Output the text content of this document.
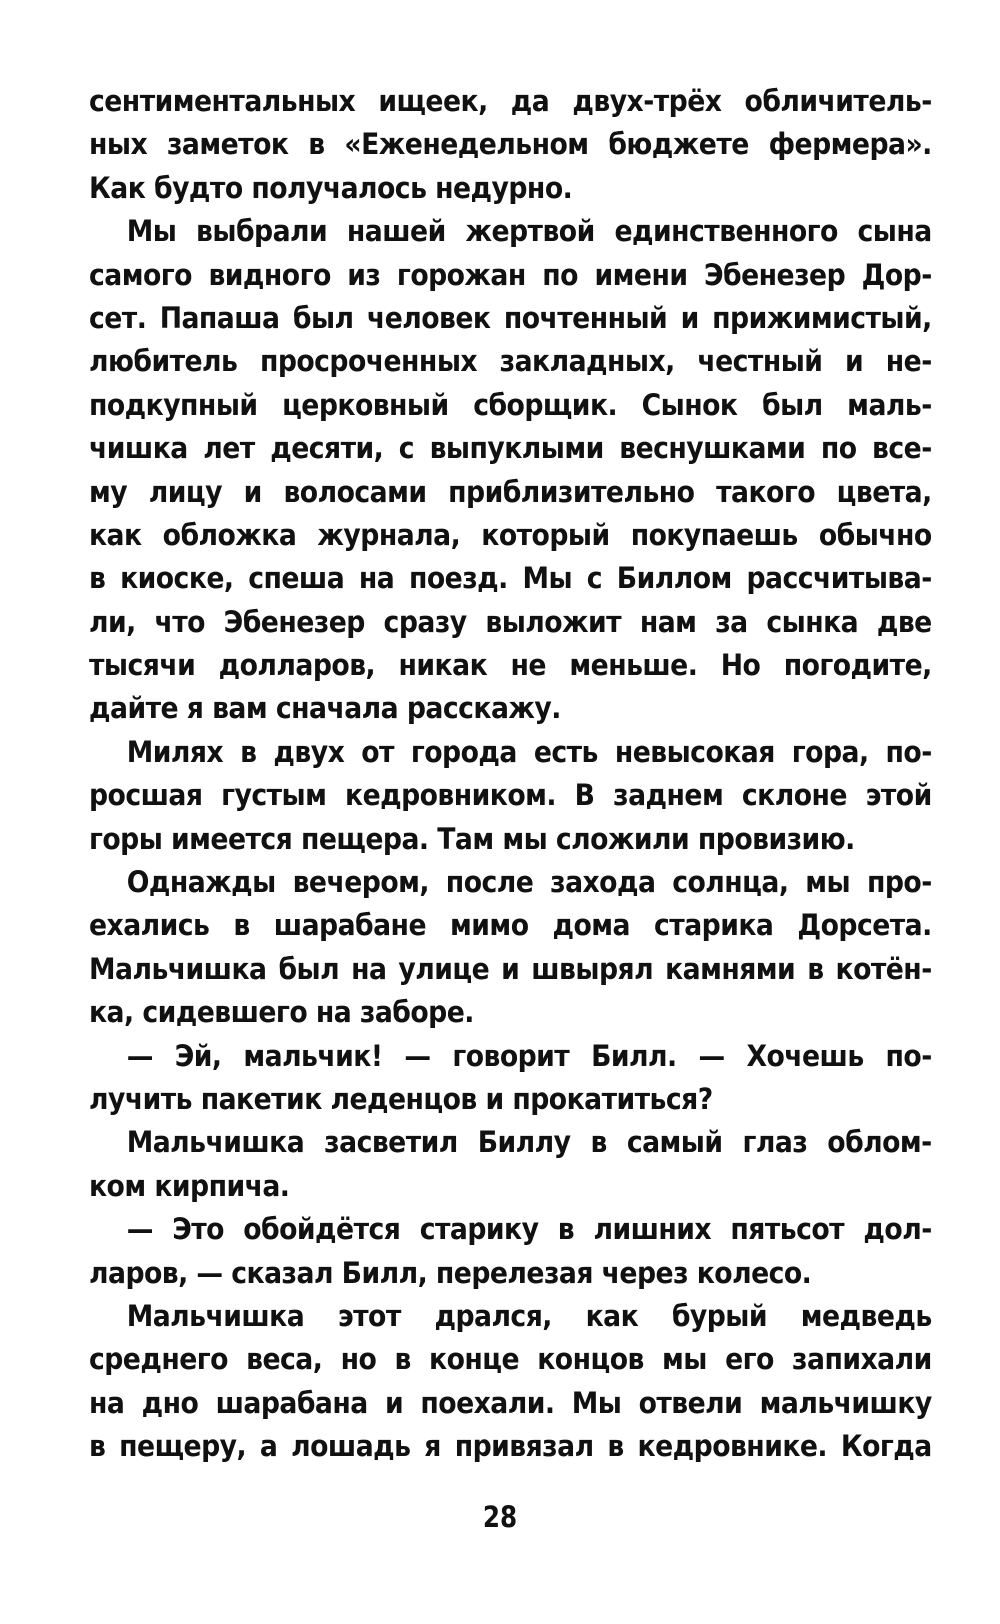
сентиментальных ищеек, да двух-трёх обличитель-
ных заметок в «Еженедельном бюджете фермера».
Как будто получалось недурно.
Мы выбрали нашей жертвой единственного сына
самого видного из горожан по имени Эбенезер Дор-
сет. Папаша был человек почтенный и прижимистый,
любитель просроченных закладных, честный и не-
подкупный церковный сборщик. Сынок был маль-
чишка лет десяти, с выпуклыми веснушками по все-
му лицу и волосами приблизительно такого цвета,
как обложка журнала, который покупаешь обычно
в киоске, спеша на поезд. Мы с Биллом рассчитыва-
ли, что Эбенезер сразу выложит нам за сынка две
тысячи долларов, никак не меньше. Но погодите,
дайте я вам сначала расскажу.
Милях в двух от города есть невысокая гора, по-
росшая густым кедровником. В заднем склоне этой
горы имеется пещера. Там мы сложили провизию.
Однажды вечером, после захода солнца, мы про-
ехались в шарабане мимо дома старика Дорсета.
Мальчишка был на улице и швырял камнями в котён-
ка, сидевшего на заборе.
— Эй, мальчик! — говорит Билл. — Хочешь по-
лучить пакетик леденцов и прокатиться?
Мальчишка засветил Биллу в самый глаз облом-
ком кирпича.
— Это обойдётся старику в лишних пятьсот дол-
ларов, — сказал Билл, перелезая через колесо.
Мальчишка этот дрался, как бурый медведь
среднего веса, но в конце концов мы его запихали
на дно шарабана и поехали. Мы отвели мальчишку
в пещеру, а лошадь я привязал в кедровнике. Когда
28
